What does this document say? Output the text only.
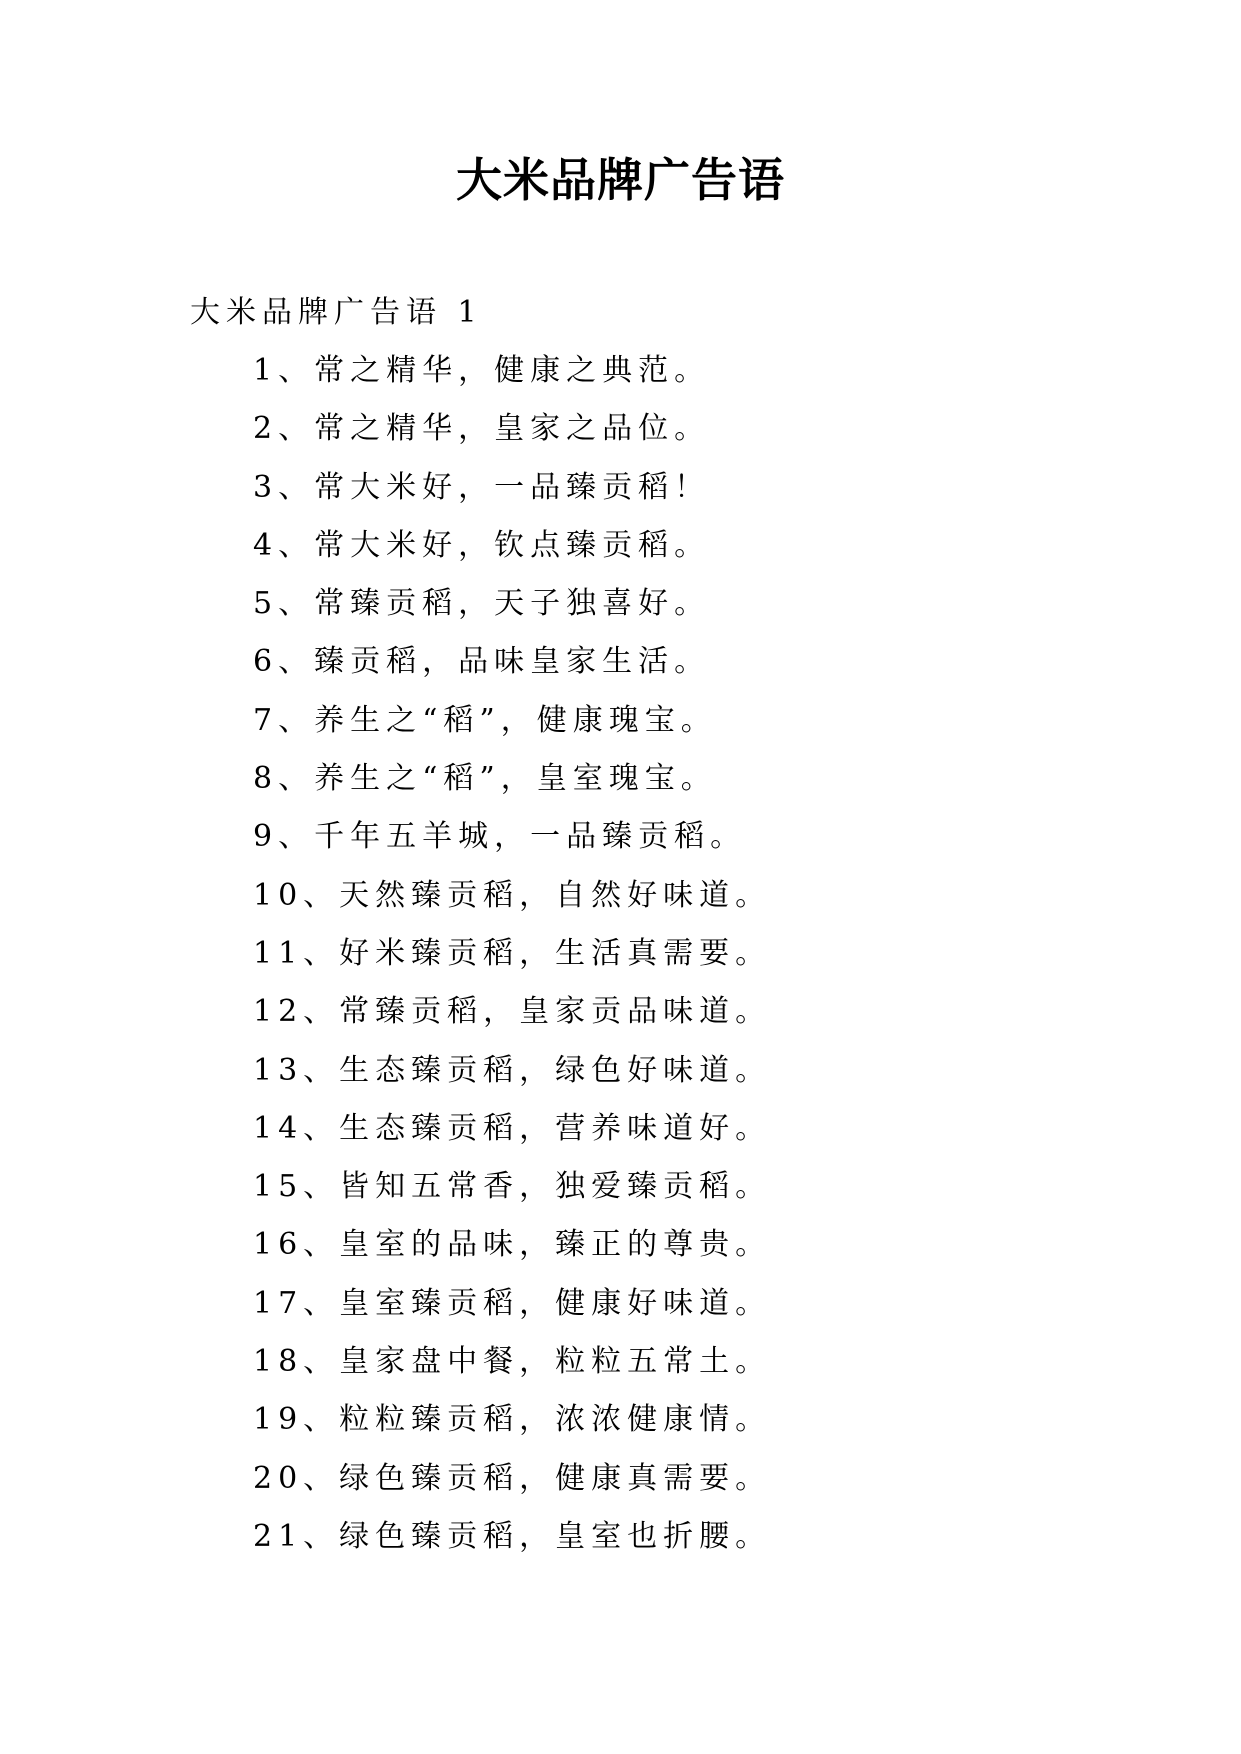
大米品牌广告语
大米品牌广告语 1
1、常之精华，健康之典范。
2、常之精华，皇家之品位。
3、常大米好，一品臻贡稻！
4、常大米好，钦点臻贡稻。
5、常臻贡稻，天子独喜好。
6、臻贡稻，品味皇家生活。
7、养生之“稻”，健康瑰宝。
8、养生之“稻”，皇室瑰宝。
9、千年五羊城，一品臻贡稻。
10、天然臻贡稻，自然好味道。
11、好米臻贡稻，生活真需要。
12、常臻贡稻，皇家贡品味道。
13、生态臻贡稻，绿色好味道。
14、生态臻贡稻，营养味道好。
15、皆知五常香，独爱臻贡稻。
16、皇室的品味，臻正的尊贵。
17、皇室臻贡稻，健康好味道。
18、皇家盘中餐，粒粒五常土。
19、粒粒臻贡稻，浓浓健康情。
20、绿色臻贡稻，健康真需要。
21、绿色臻贡稻，皇室也折腰。
